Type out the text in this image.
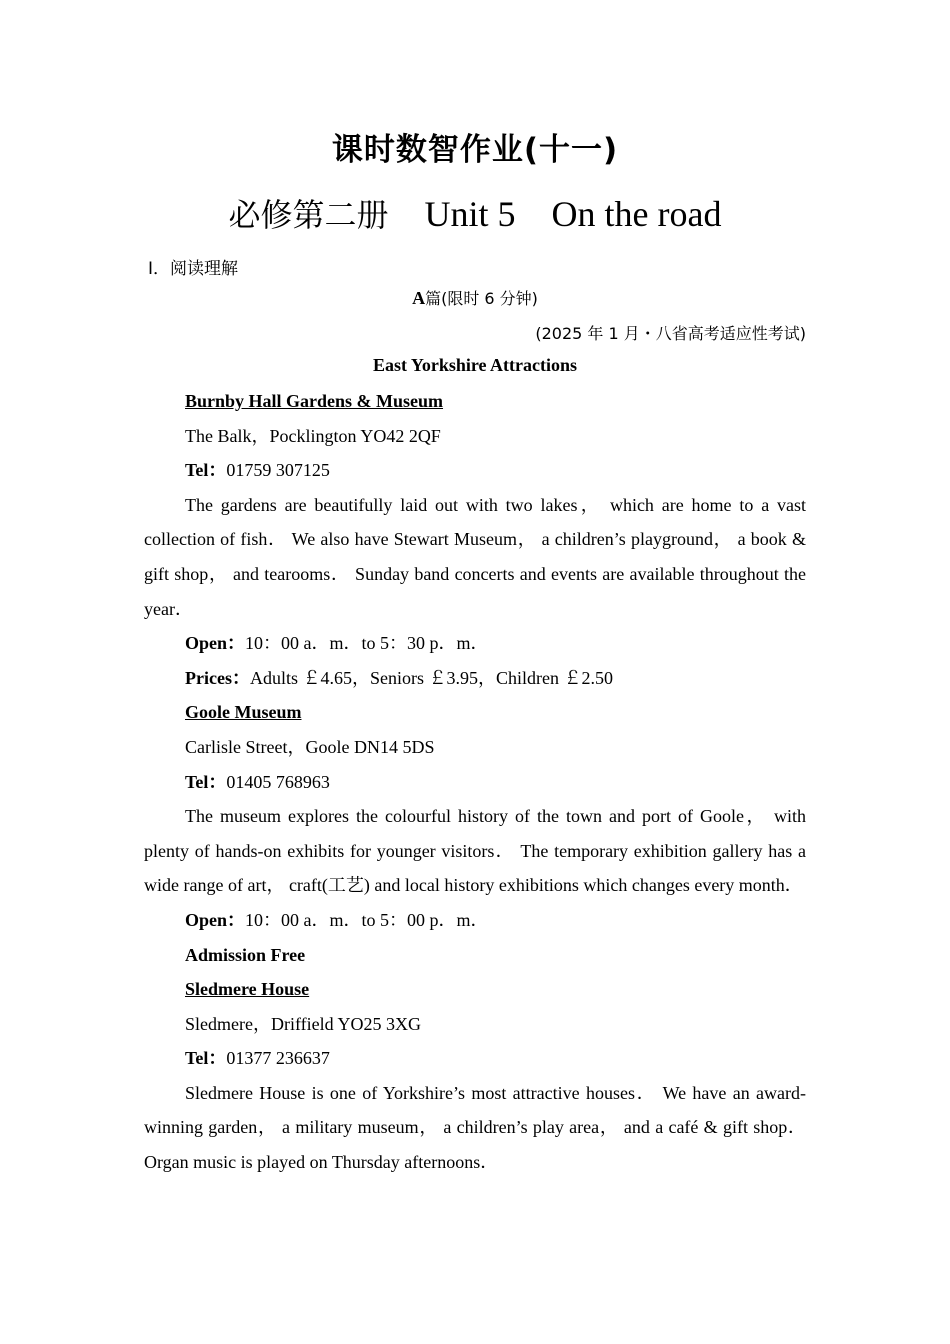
课时数智作业(十一)
必修第二册 Unit 5 On the road
Ⅰ．阅读理解
A篇(限时 6 分钟)
(2025 年 1 月・八省高考适应性考试)
East Yorkshire Attractions
Burnby Hall Gardens & Museum
The Balk，Pocklington YO42 2QF
Tel：01759 307125
The gardens are beautifully laid out with two lakes， which are home to a vast collection of fish． We also have Stewart Museum， a children’s playground， a book & gift shop， and tearooms． Sunday band concerts and events are available throughout the year．
Open：10：00 a．m．to 5：30 p．m．
Prices：Adults ￡4.65，Seniors ￡3.95，Children ￡2.50
Goole Museum
Carlisle Street，Goole DN14 5DS
Tel：01405 768963
The museum explores the colourful history of the town and port of Goole， with plenty of hands-on exhibits for younger visitors． The temporary exhibition gallery has a wide range of art， craft(工艺) and local history exhibitions which changes every month．
Open：10：00 a．m．to 5：00 p．m．
Admission Free
Sledmere House
Sledmere，Driffield YO25 3XG
Tel：01377 236637
Sledmere House is one of Yorkshire’s most attractive houses． We have an award-winning garden， a military museum， a children’s play area， and a café & gift shop． Organ music is played on Thursday afternoons．
